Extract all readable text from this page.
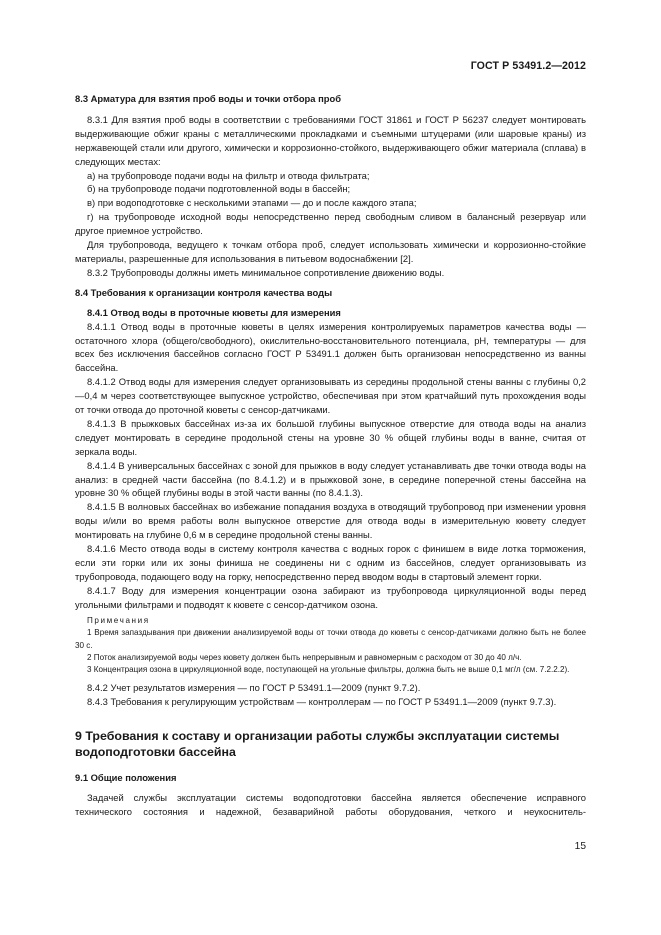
ГОСТ Р 53491.2—2012

8.3 Арматура для взятия проб воды и точки отбора проб

8.3.1 Для взятия проб воды в соответствии с требованиями ГОСТ 31861 и ГОСТ Р 56237 следует монтировать выдерживающие обжиг краны с металлическими прокладками и съемными штуцерами (или шаровые краны) из нержавеющей стали или другого, химически и коррозионно-стойкого, выдерживающего обжиг материала (сплава) в следующих местах:

а) на трубопроводе подачи воды на фильтр и отвода фильтрата;

б) на трубопроводе подачи подготовленной воды в бассейн;

в) при водоподготовке с несколькими этапами — до и после каждого этапа;

г) на трубопроводе исходной воды непосредственно перед свободным сливом в балансный резервуар или другое приемное устройство.

Для трубопровода, ведущего к точкам отбора проб, следует использовать химически и коррозионно-стойкие материалы, разрешенные для использования в питьевом водоснабжении [2].

8.3.2 Трубопроводы должны иметь минимальное сопротивление движению воды.

8.4 Требования к организации контроля качества воды

8.4.1 Отвод воды в проточные кюветы для измерения

8.4.1.1 Отвод воды в проточные кюветы в целях измерения контролируемых параметров качества воды — остаточного хлора (общего/свободного), окислительно-восстановительного потенциала, pH, температуры — для всех без исключения бассейнов согласно ГОСТ Р 53491.1 должен быть организован непосредственно из ванны бассейна.

8.4.1.2 Отвод воды для измерения следует организовывать из середины продольной стены ванны с глубины 0,2—0,4 м через соответствующее выпускное устройство, обеспечивая при этом кратчайший путь прохождения воды от точки отвода до проточной кюветы с сенсор-датчиками.

8.4.1.3 В прыжковых бассейнах из-за их большой глубины выпускное отверстие для отвода воды на анализ следует монтировать в середине продольной стены на уровне 30 % общей глубины воды в ванне, считая от зеркала воды.

8.4.1.4 В универсальных бассейнах с зоной для прыжков в воду следует устанавливать две точки отвода воды на анализ: в средней части бассейна (по 8.4.1.2) и в прыжковой зоне, в середине поперечной стены бассейна на уровне 30 % общей глубины воды в этой части ванны (по 8.4.1.3).

8.4.1.5 В волновых бассейнах во избежание попадания воздуха в отводящий трубопровод при изменении уровня воды и/или во время работы волн выпускное отверстие для отвода воды в измерительную кювету следует монтировать на глубине 0,6 м в середине продольной стены ванны.

8.4.1.6 Место отвода воды в систему контроля качества с водных горок с финишем в виде лотка торможения, если эти горки или их зоны финиша не соединены ни с одним из бассейнов, следует организовывать из трубопровода, подающего воду на горку, непосредственно перед вводом воды в стартовый элемент горки.

8.4.1.7 Воду для измерения концентрации озона забирают из трубопровода циркуляционной воды перед угольными фильтрами и подводят к кювете с сенсор-датчиком озона.

Примечания

1 Время запаздывания при движении анализируемой воды от точки отвода до кюветы с сенсор-датчиками должно быть не более 30 с.

2 Поток анализируемой воды через кювету должен быть непрерывным и равномерным с расходом от 30 до 40 л/ч.

3 Концентрация озона в циркуляционной воде, поступающей на угольные фильтры, должна быть не выше 0,1 мг/л (см. 7.2.2.2).

8.4.2 Учет результатов измерения — по ГОСТ Р 53491.1—2009 (пункт 9.7.2).

8.4.3 Требования к регулирующим устройствам — контроллерам — по ГОСТ Р 53491.1—2009 (пункт 9.7.3).

9 Требования к составу и организации работы службы эксплуатации системы водоподготовки бассейна

9.1 Общие положения

Задачей службы эксплуатации системы водоподготовки бассейна является обеспечение исправного технического состояния и надежной, безаварийной работы оборудования, четкого и неукоснитель-

15
